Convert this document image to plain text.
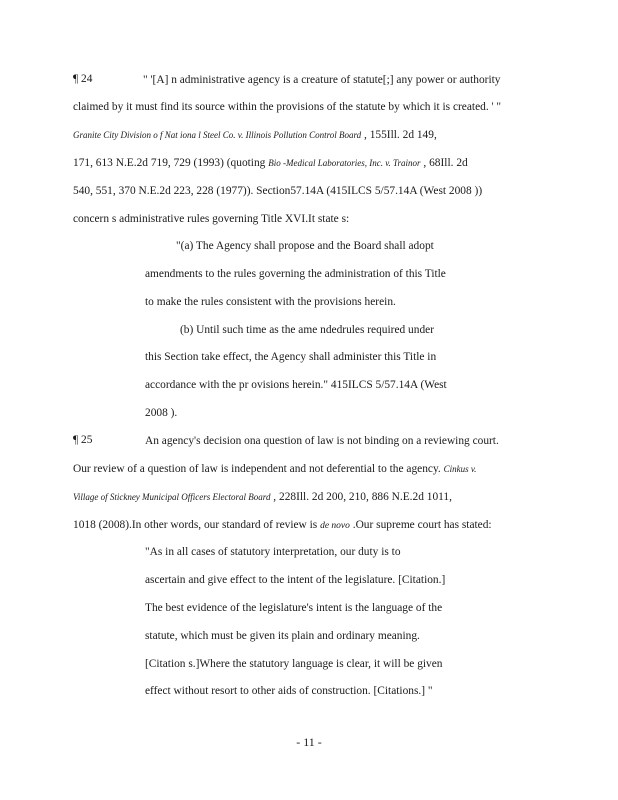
¶ 24	" '[A] n administrative agency is a creature of statute[;] any power or authority
claimed by it must find its source within the provisions of the statute by which it is created. ' "
Granite City Division o f Nat iona l Steel Co. v. Illinois Pollution Control Board , 155Ill. 2d 149,
171, 613 N.E.2d 719, 729 (1993) (quoting Bio -Medical Laboratories, Inc. v. Trainor , 68Ill. 2d
540, 551, 370 N.E.2d 223, 228 (1977)). Section57.14A (415ILCS 5/57.14A (West 2008 ))
concern s administrative rules governing Title XVI.It state s:
"(a) The Agency shall propose and the Board shall adopt
amendments to the rules governing the administration of this Title
to make the rules consistent with the provisions herein.
(b) Until such time as the ame ndedrules required under
this Section take effect, the Agency shall administer this Title in
accordance with the pr ovisions herein." 415ILCS 5/57.14A (West
2008 ).
¶ 25	An agency's decision ona question of law is not binding on a reviewing court.
Our review of a question of law is independent and not deferential to the agency. Cinkus v.
Village of Stickney Municipal Officers Electoral Board , 228Ill. 2d 200, 210, 886 N.E.2d 1011,
1018 (2008).In other words, our standard of review is de novo .Our supreme court has stated:
"As in all cases of statutory interpretation, our duty is to
ascertain and give effect to the intent of the legislature. [Citation.]
The best evidence of the legislature's intent is the language of the
statute, which must be given its plain and ordinary meaning.
[Citation s.]Where the statutory language is clear, it will be given
effect without resort to other aids of construction. [Citations.] "
- 11 -
